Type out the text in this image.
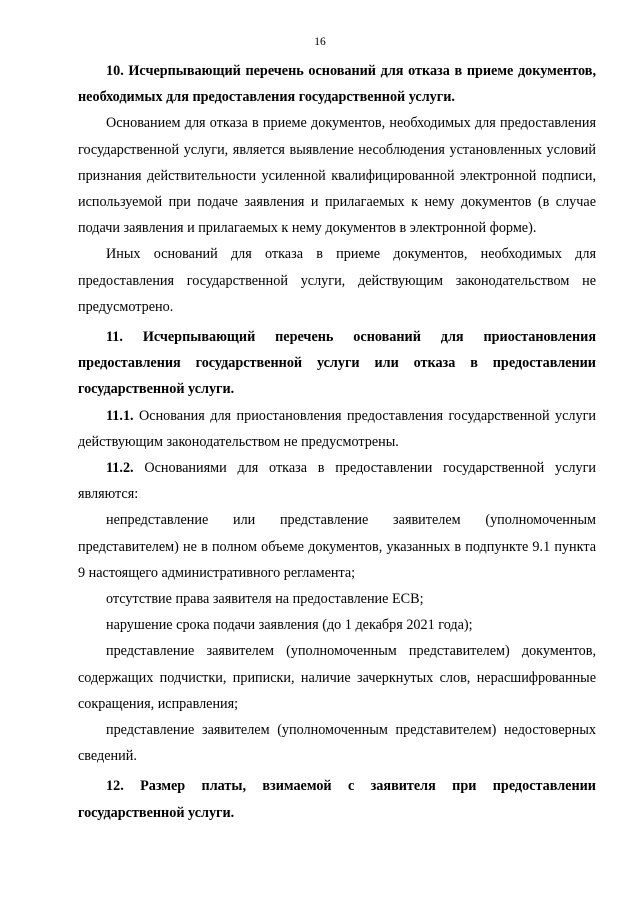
16

10. Исчерпывающий перечень оснований для отказа в приеме документов, необходимых для предоставления государственной услуги.

Основанием для отказа в приеме документов, необходимых для предоставления государственной услуги, является выявление несоблюдения установленных условий признания действительности усиленной квалифицированной электронной подписи, используемой при подаче заявления и прилагаемых к нему документов (в случае подачи заявления и прилагаемых к нему документов в электронной форме).

Иных оснований для отказа в приеме документов, необходимых для предоставления государственной услуги, действующим законодательством не предусмотрено.

11. Исчерпывающий перечень оснований для приостановления предоставления государственной услуги или отказа в предоставлении государственной услуги.

11.1. Основания для приостановления предоставления государственной услуги действующим законодательством не предусмотрены.

11.2. Основаниями для отказа в предоставлении государственной услуги являются:

непредставление или представление заявителем (уполномоченным представителем) не в полном объеме документов, указанных в подпункте 9.1 пункта 9 настоящего административного регламента;

отсутствие права заявителя на предоставление ЕСВ;

нарушение срока подачи заявления (до 1 декабря 2021 года);

представление заявителем (уполномоченным представителем) документов, содержащих подчистки, приписки, наличие зачеркнутых слов, нерасшифрованные сокращения, исправления;

представление заявителем (уполномоченным представителем) недостоверных сведений.

12. Размер платы, взимаемой с заявителя при предоставлении государственной услуги.
